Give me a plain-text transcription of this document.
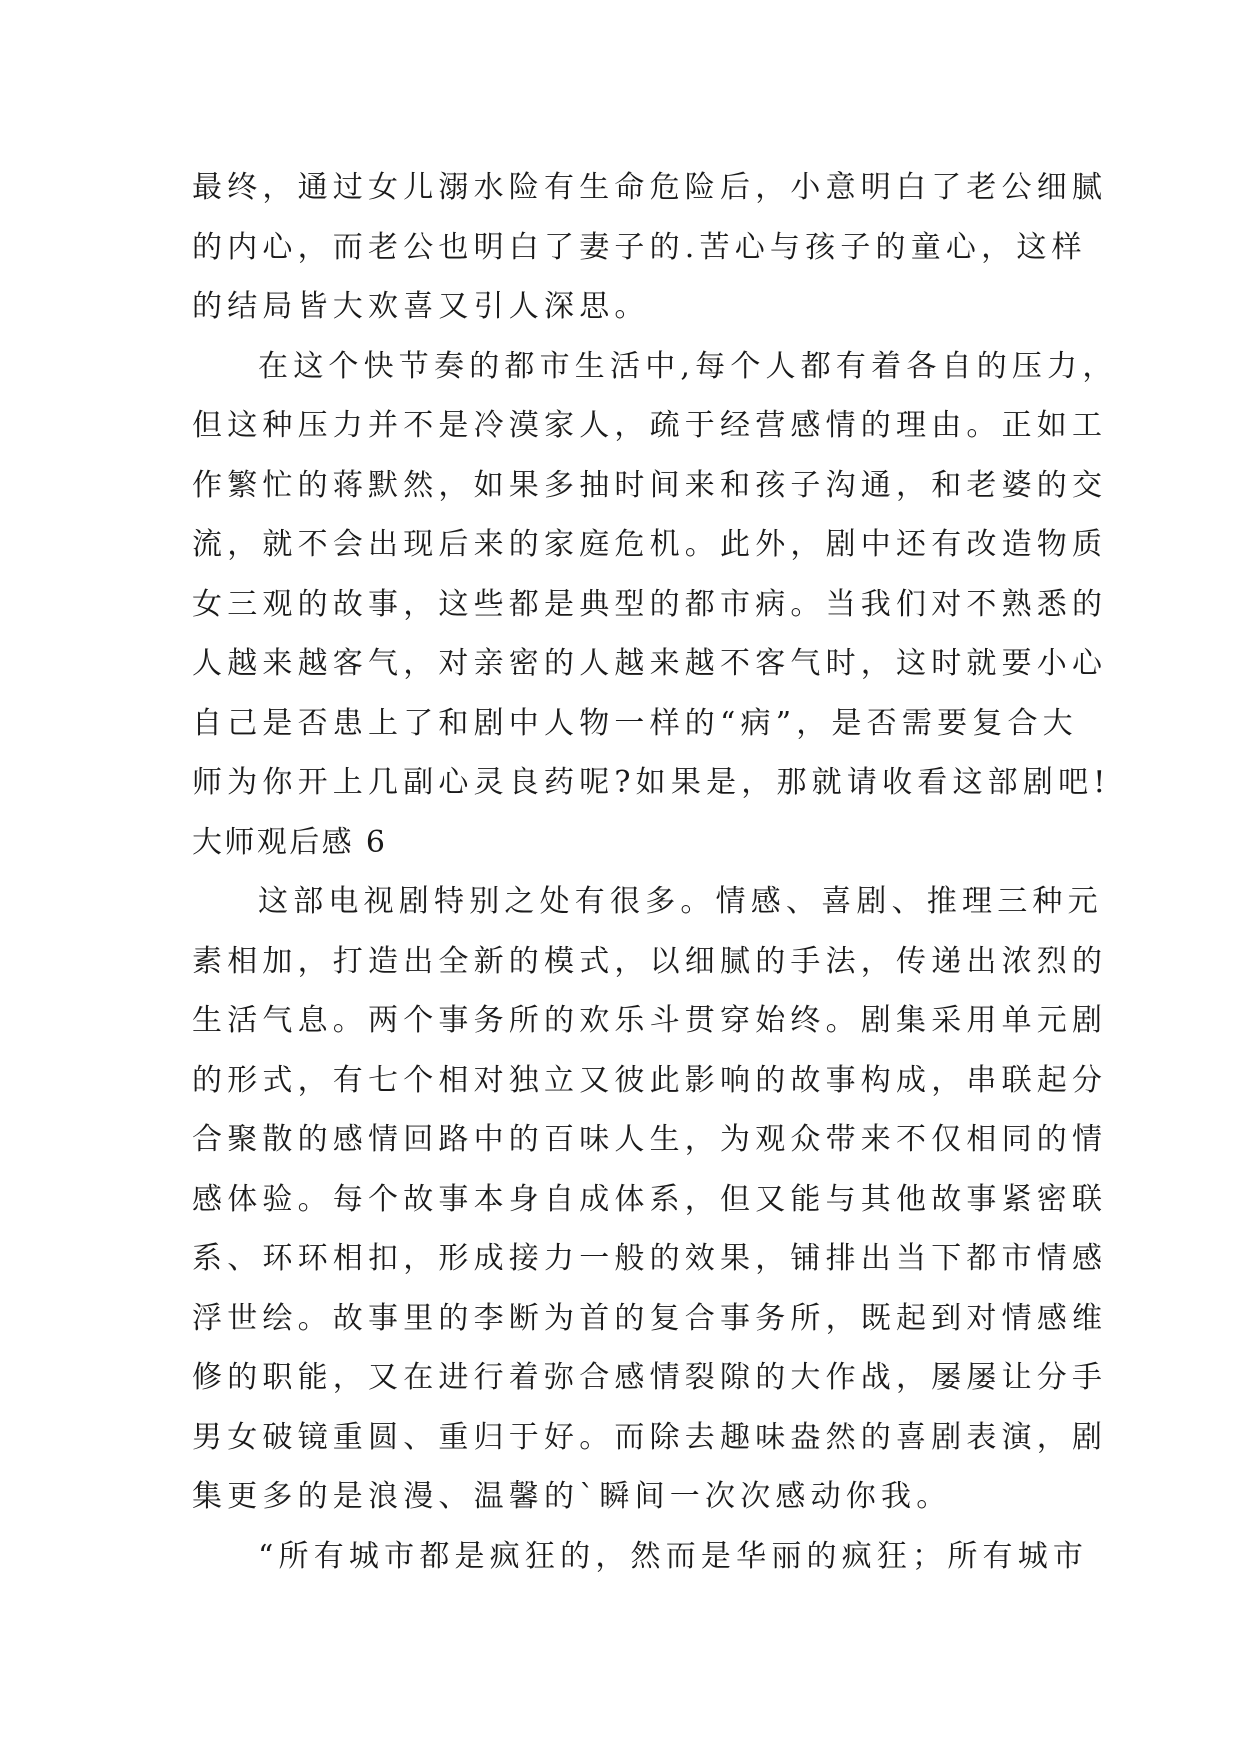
最终，通过女儿溺水险有生命危险后，小意明白了老公细腻
的内心，而老公也明白了妻子的.苦心与孩子的童心，这样
的结局皆大欢喜又引人深思。
在这个快节奏的都市生活中,每个人都有着各自的压力，
但这种压力并不是冷漠家人，疏于经营感情的理由。正如工
作繁忙的蒋默然，如果多抽时间来和孩子沟通，和老婆的交
流，就不会出现后来的家庭危机。此外，剧中还有改造物质
女三观的故事，这些都是典型的都市病。当我们对不熟悉的
人越来越客气，对亲密的人越来越不客气时，这时就要小心
自己是否患上了和剧中人物一样的“病”，是否需要复合大
师为你开上几副心灵良药呢?如果是，那就请收看这部剧吧!
大师观后感 6
这部电视剧特别之处有很多。情感、喜剧、推理三种元
素相加，打造出全新的模式，以细腻的手法，传递出浓烈的
生活气息。两个事务所的欢乐斗贯穿始终。剧集采用单元剧
的形式，有七个相对独立又彼此影响的故事构成，串联起分
合聚散的感情回路中的百味人生，为观众带来不仅相同的情
感体验。每个故事本身自成体系，但又能与其他故事紧密联
系、环环相扣，形成接力一般的效果，铺排出当下都市情感
浮世绘。故事里的李断为首的复合事务所，既起到对情感维
修的职能，又在进行着弥合感情裂隙的大作战，屡屡让分手
男女破镜重圆、重归于好。而除去趣味盎然的喜剧表演，剧
集更多的是浪漫、温馨的`瞬间一次次感动你我。
“所有城市都是疯狂的，然而是华丽的疯狂；所有城市
